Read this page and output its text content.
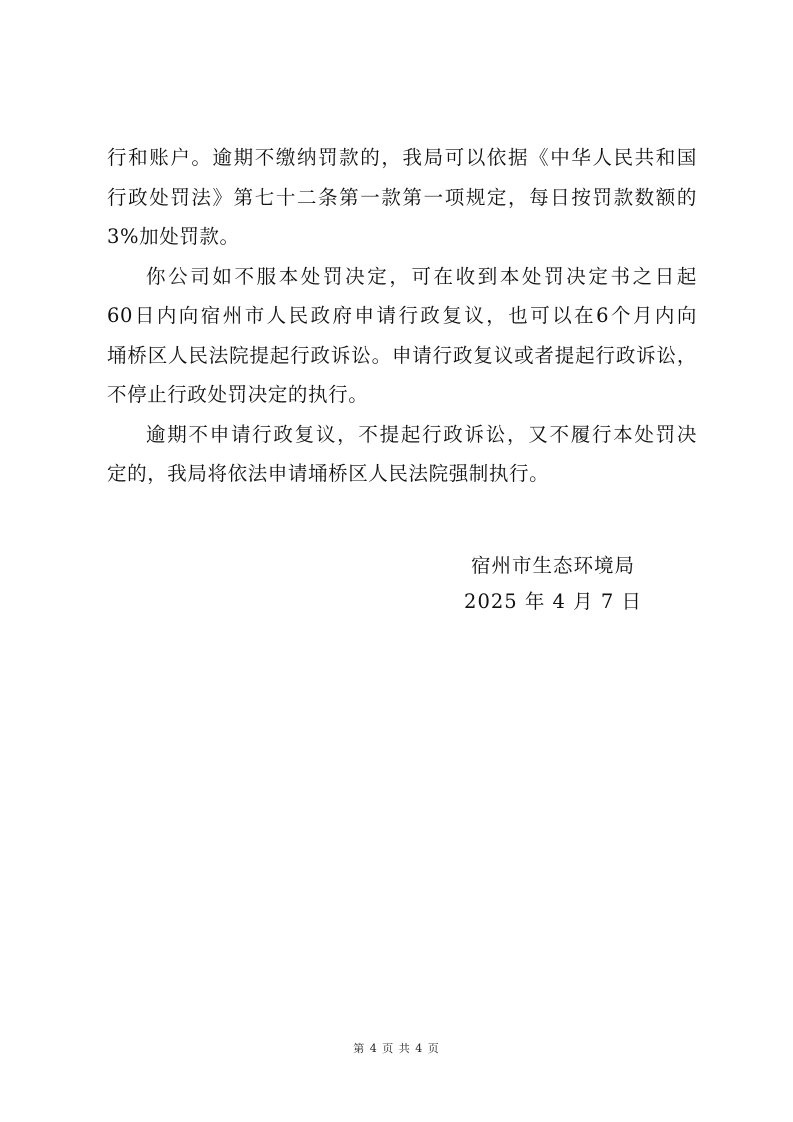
行和账户。逾期不缴纳罚款的，我局可以依据《中华人民共和国
行政处罚法》第七十二条第一款第一项规定，每日按罚款数额的
3%加处罚款。
你公司如不服本处罚决定，可在收到本处罚决定书之日起
60日内向宿州市人民政府申请行政复议，也可以在6个月内向
埇桥区人民法院提起行政诉讼。申请行政复议或者提起行政诉讼，
不停止行政处罚决定的执行。
逾期不申请行政复议，不提起行政诉讼，又不履行本处罚决
定的，我局将依法申请埇桥区人民法院强制执行。
宿州市生态环境局
2025 年 4 月 7 日
第 4 页 共 4 页
